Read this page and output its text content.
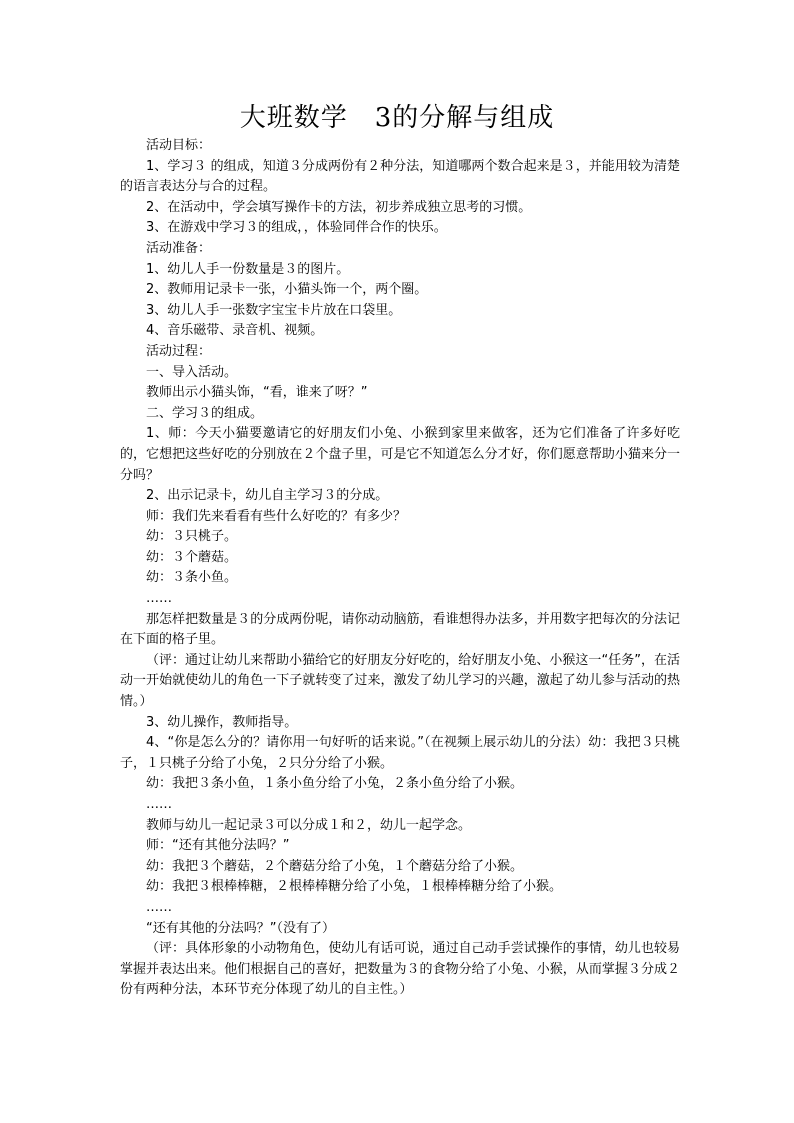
大班数学　3的分解与组成

活动目标：

1、学习３ 的组成，知道３分成两份有２种分法，知道哪两个数合起来是３，并能用较为清楚的语言表达分与合的过程。

2、在活动中，学会填写操作卡的方法，初步养成独立思考的习惯。

3、在游戏中学习３的组成，，体验同伴合作的快乐。

活动准备：

1、幼儿人手一份数量是３的图片。

2、教师用记录卡一张，小猫头饰一个，两个圈。

3、幼儿人手一张数字宝宝卡片放在口袋里。

4、音乐磁带、录音机、视频。

活动过程：

一、导入活动。

教师出示小猫头饰，“看，谁来了呀？”

二、学习３的组成。

1、师：今天小猫要邀请它的好朋友们小兔、小猴到家里来做客，还为它们准备了许多好吃的，它想把这些好吃的分别放在２个盘子里，可是它不知道怎么分才好，你们愿意帮助小猫来分一分吗？

2、出示记录卡，幼儿自主学习３的分成。

师：我们先来看看有些什么好吃的？有多少？

幼：３只桃子。

幼：３个蘑菇。

幼：３条小鱼。

……

那怎样把数量是３的分成两份呢，请你动动脑筋，看谁想得办法多，并用数字把每次的分法记在下面的格子里。

（评：通过让幼儿来帮助小猫给它的好朋友分好吃的，给好朋友小兔、小猴这一“任务”，在活动一开始就使幼儿的角色一下子就转变了过来，激发了幼儿学习的兴趣，激起了幼儿参与活动的热情。）

3、幼儿操作，教师指导。

4、“你是怎么分的？请你用一句好听的话来说。”（在视频上展示幼儿的分法）幼：我把３只桃子，１只桃子分给了小兔，２只分分给了小猴。

幼：我把３条小鱼，１条小鱼分给了小兔，２条小鱼分给了小猴。

……

教师与幼儿一起记录３可以分成１和２，幼儿一起学念。

师：“还有其他分法吗？”

幼：我把３个蘑菇，２个蘑菇分给了小兔，１个蘑菇分给了小猴。

幼：我把３根棒棒糖，２根棒棒糖分给了小兔，１根棒棒糖分给了小猴。

……

“还有其他的分法吗？”（没有了）

（评：具体形象的小动物角色，使幼儿有话可说，通过自己动手尝试操作的事情，幼儿也较易掌握并表达出来。他们根据自己的喜好，把数量为３的食物分给了小兔、小猴，从而掌握３分成２份有两种分法，本环节充分体现了幼儿的自主性。）
